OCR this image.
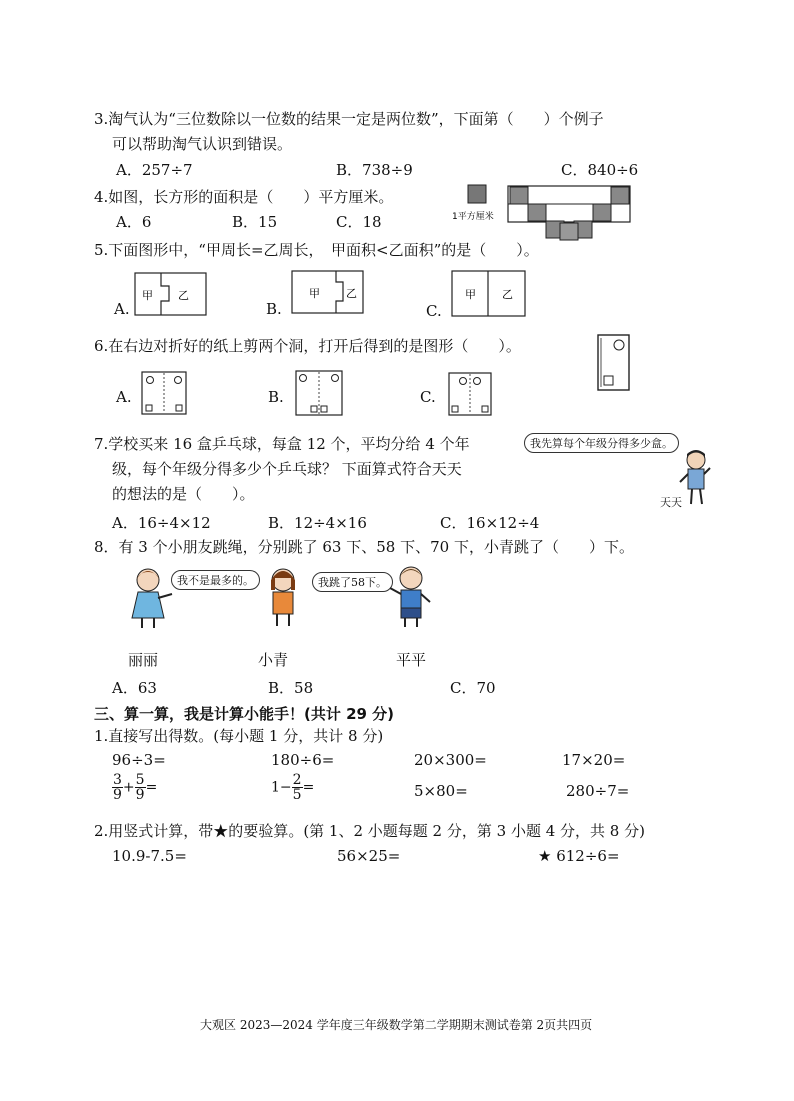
3.淘气认为“三位数除以一位数的结果一定是两位数”，下面第（　　）个例子
可以帮助淘气认识到错误。
A．257÷7	B．738÷9	C．840÷6
4.如图，长方形的面积是（　　）平方厘米。
A．6	B．15	C．18	1平方厘米
5.下面图形中，“甲周长=乙周长，　甲面积<乙面积”的是（　　）。
A.	B.	C.
甲 乙	甲 乙	甲 乙
6.在右边对折好的纸上剪两个洞，打开后得到的是图形（　　）。
A.	B.	C.
7.学校买来 16 盒乒乓球，每盒 12 个，平均分给 4 个年
级，每个年级分得多少个乒乓球？ 下面算式符合天天
的想法的是（　　）。
我先算每个年级分得多少盒。
天天
A．16÷4×12	B．12÷4×16	C．16×12÷4
8．有 3 个小朋友跳绳，分别跳了 63 下、58 下、70 下，小青跳了（　　）下。
我不是最多的。	我跳了58下。
丽丽	小青	平平
A．63	B．58	C．70
三、算一算，我是计算小能手！(共计 29 分)
1.直接写出得数。(每小题 1 分，共计 8 分)
96÷3=	180÷6=	20×300=	17×20=
$\frac{3}{9} + \frac{5}{9}$ =	$1- \frac{2}{5}$ =	5×80=	280÷7=
2.用竖式计算，带★的要验算。(第 1、2 小题每题 2 分，第 3 小题 4 分，共 8 分)
10.9-7.5=	56×25=	★ 612÷6=
大观区 2023—2024 学年度三年级数学第二学期期末测试卷第 2页共四页
